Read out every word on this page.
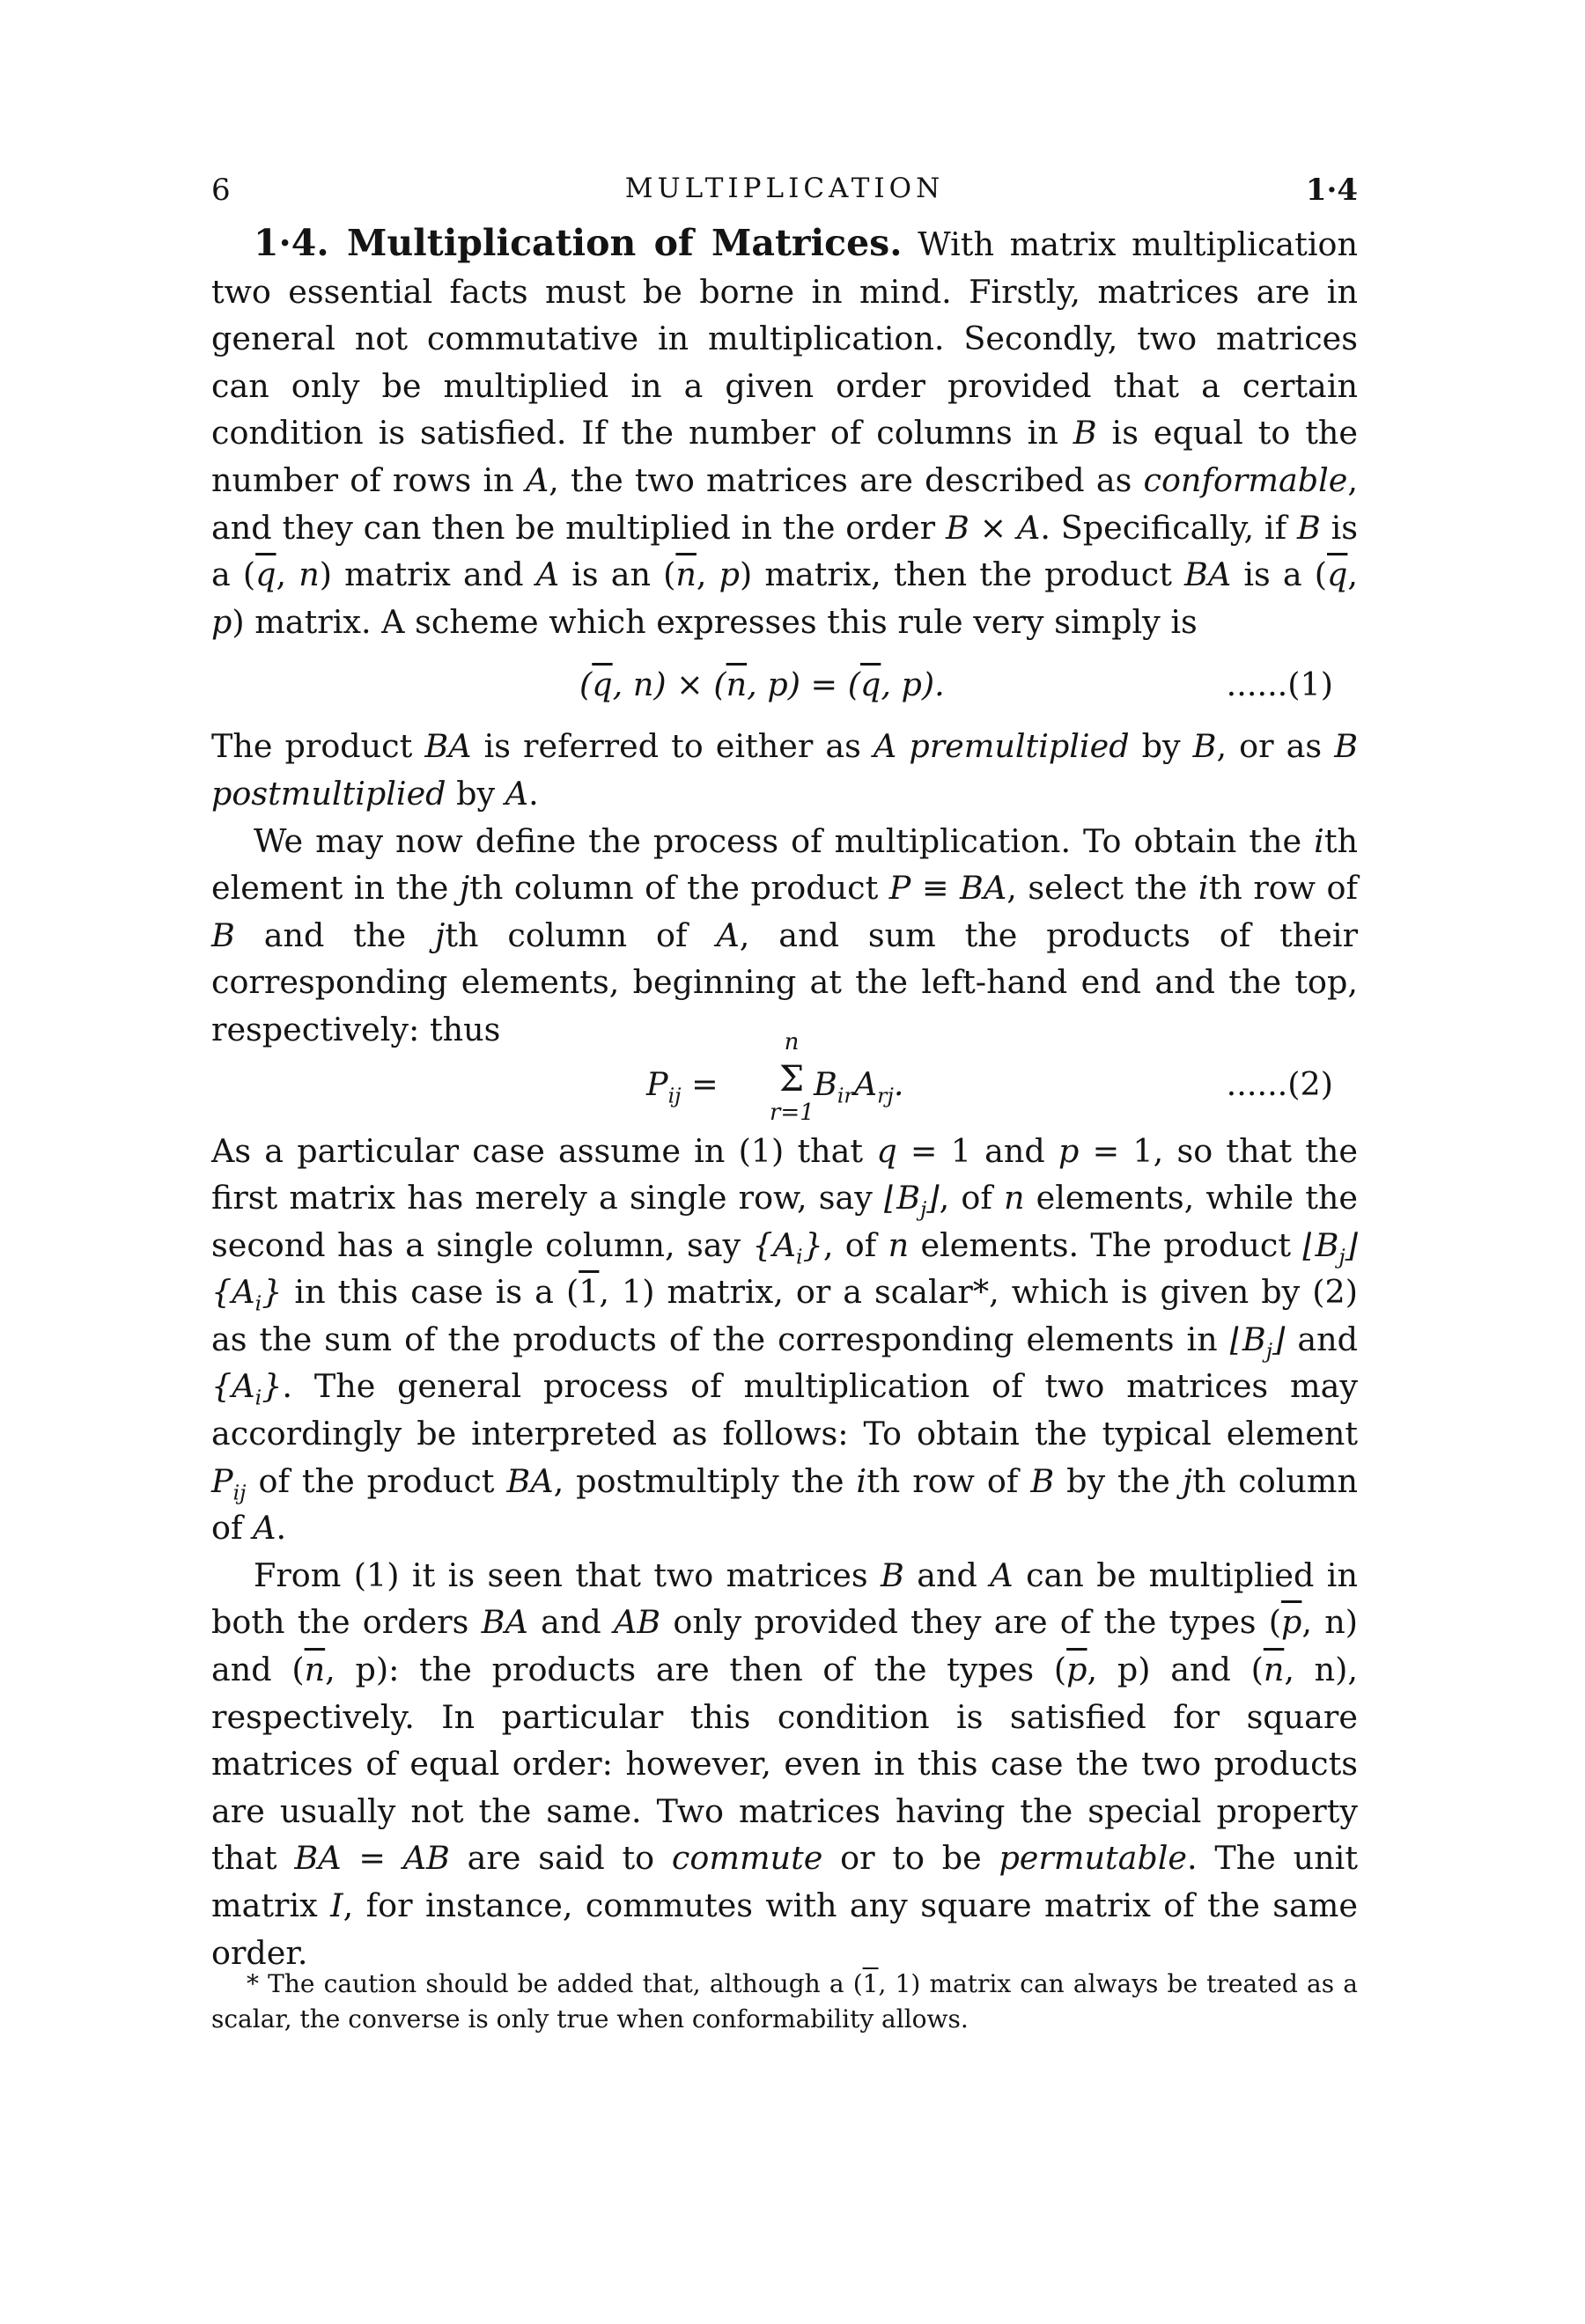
6	MULTIPLICATION	1·4

1·4. Multiplication of Matrices. With matrix multiplication two essential facts must be borne in mind. Firstly, matrices are in general not commutative in multiplication. Secondly, two matrices can only be multiplied in a given order provided that a certain condition is satisfied. If the number of columns in B is equal to the number of rows in A, the two matrices are described as conformable, and they can then be multiplied in the order B × A. Specifically, if B is a ($\overline{q}$, n) matrix and A is an ($\overline{n}$, p) matrix, then the product BA is a ($\overline{q}$, p) matrix. A scheme which expresses this rule very simply is

($\overline{q}$, $n) \times (\overline{n}$, $p) = (\overline{q}$, p).	......(1)

The product BA is referred to either as A premultiplied by B, or as B postmultiplied by A.

We may now define the process of multiplication. To obtain the ith element in the jth column of the product P ≡ BA, select the ith row of B and the jth column of A, and sum the products of their corresponding elements, beginning at the left-hand end and the top, respectively: thus

$P_{ij}$ =
n
Σ
r=1
$B_{ir}A_{rj}$.	......(2)

As a particular case assume in (1) that q = 1 and p = 1, so that the first matrix has merely a single row, say $⌊B_j⌋$, of n elements, while the second has a single column, say $\{A_i\}$, of n elements. The product $⌊B_j⌋$ $\{A_i\}$ in this case is a (1, 1) matrix, or a scalar*, which is given by (2) as the sum of the products of the corresponding elements in $⌊B_j⌋$ and $\{A_i\}$. The general process of multiplication of two matrices may accordingly be interpreted as follows: To obtain the typical element $P_{ij}$ of the product BA, postmultiply the ith row of B by the jth column of A.

From (1) it is seen that two matrices B and A can be multiplied in both the orders BA and AB only provided they are of the types ($\overline{p}$, n) and ($\overline{n}$, p): the products are then of the types ($\overline{p}$, p) and ($\overline{n}$, n), respectively. In particular this condition is satisfied for square matrices of equal order: however, even in this case the two products are usually not the same. Two matrices having the special property that BA = AB are said to commute or to be permutable. The unit matrix I, for instance, commutes with any square matrix of the same order.

* The caution should be added that, although a (1, 1) matrix can always be treated as a scalar, the converse is only true when conformability allows.
